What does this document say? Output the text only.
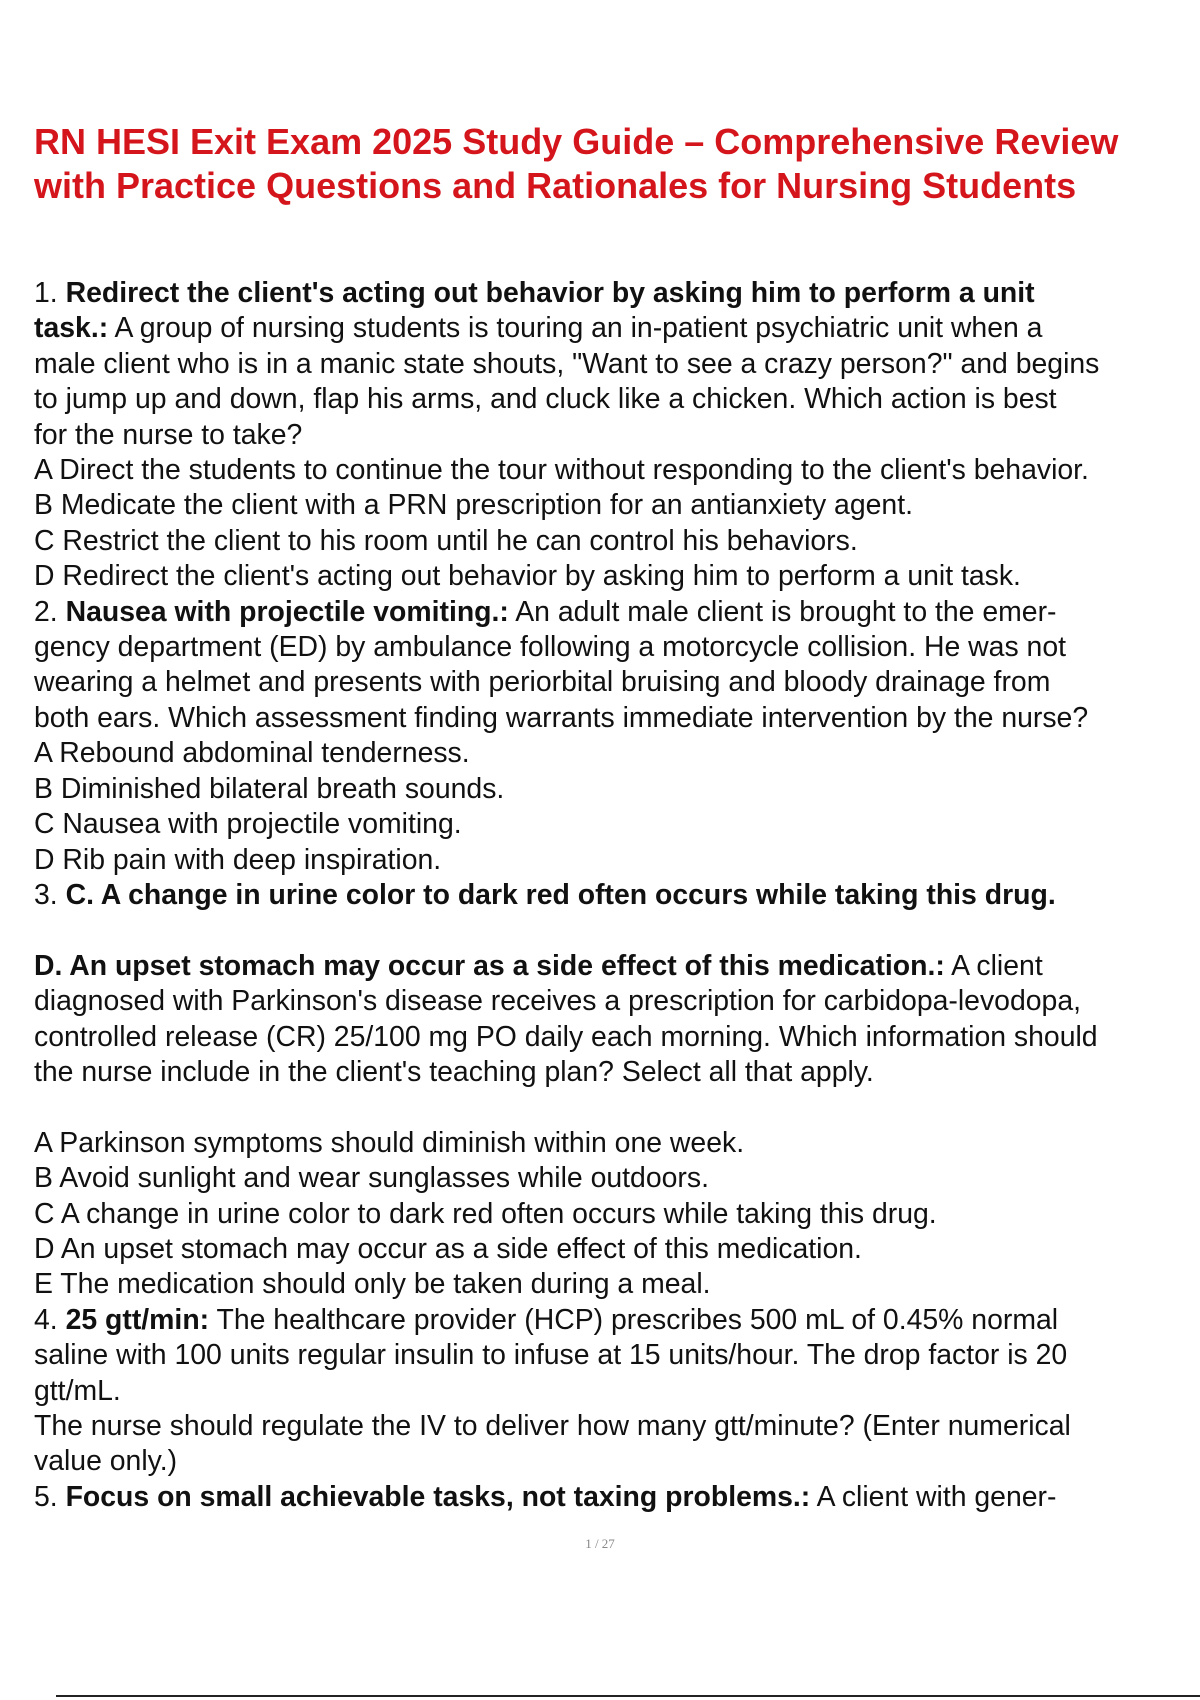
RN HESI Exit Exam 2025 Study Guide – Comprehensive Review
with Practice Questions and Rationales for Nursing Students

1. Redirect the client's acting out behavior by asking him to perform a unit

task.: A group of nursing students is touring an in-patient psychiatric unit when a

male client who is in a manic state shouts, "Want to see a crazy person?" and begins

to jump up and down, flap his arms, and cluck like a chicken. Which action is best

for the nurse to take?

A Direct the students to continue the tour without responding to the client's behavior.

B Medicate the client with a PRN prescription for an antianxiety agent.

C Restrict the client to his room until he can control his behaviors.

D Redirect the client's acting out behavior by asking him to perform a unit task.

2. Nausea with projectile vomiting.: An adult male client is brought to the emer-

gency department (ED) by ambulance following a motorcycle collision. He was not

wearing a helmet and presents with periorbital bruising and bloody drainage from

both ears. Which assessment finding warrants immediate intervention by the nurse?

A Rebound abdominal tenderness.

B Diminished bilateral breath sounds.

C Nausea with projectile vomiting.

D Rib pain with deep inspiration.

3. C. A change in urine color to dark red often occurs while taking this drug.

D. An upset stomach may occur as a side effect of this medication.: A client

diagnosed with Parkinson's disease receives a prescription for carbidopa-levodopa,

controlled release (CR) 25/100 mg PO daily each morning. Which information should

the nurse include in the client's teaching plan? Select all that apply.

A Parkinson symptoms should diminish within one week.

B Avoid sunlight and wear sunglasses while outdoors.

C A change in urine color to dark red often occurs while taking this drug.

D An upset stomach may occur as a side effect of this medication.

E The medication should only be taken during a meal.

4. 25 gtt/min: The healthcare provider (HCP) prescribes 500 mL of 0.45% normal

saline with 100 units regular insulin to infuse at 15 units/hour. The drop factor is 20

gtt/mL.

The nurse should regulate the IV to deliver how many gtt/minute? (Enter numerical

value only.)

5. Focus on small achievable tasks, not taxing problems.: A client with gener-

1 / 27
